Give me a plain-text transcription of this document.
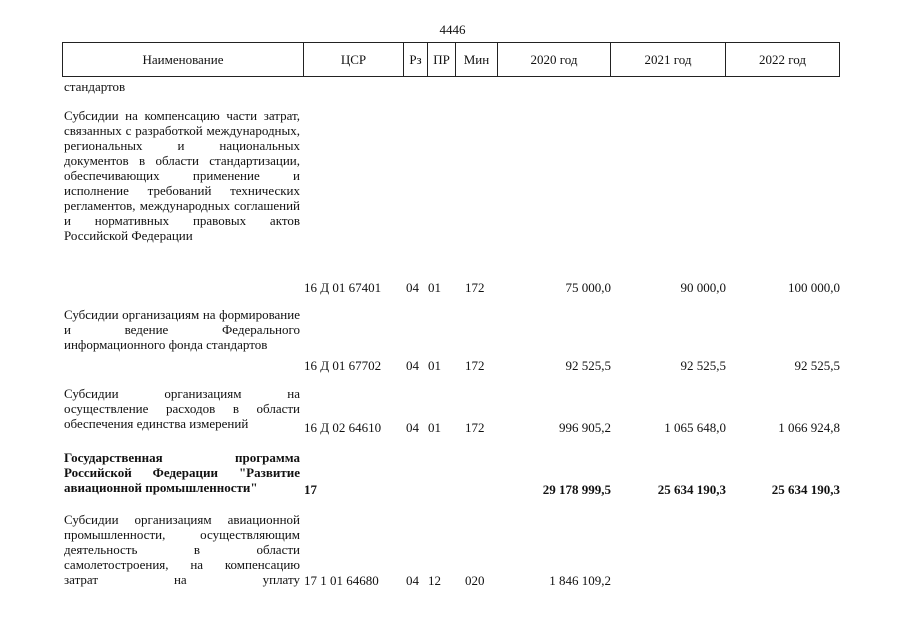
4446
Наименование	ЦСР	Рз ПР	Мин	2020 год	2021 год	2022 год
стандартов
Субсидии на компенсацию части затрат, связанных с разработкой международных, региональных и национальных документов в области стандартизации, обеспечивающих применение и исполнение требований технических регламентов, международных соглашений и нормативных правовых актов Российской Федерации
16 Д 01 67401 04 01 172	75 000,0	90 000,0	100 000,0
Субсидии организациям на формирование и ведение Федерального информационного фонда стандартов
16 Д 01 67702 04 01 172	92 525,5	92 525,5	92 525,5
Субсидии организациям на осуществление расходов в области обеспечения единства измерений	16 Д 02 64610 04 01 172	996 905,2	1 065 648,0	1 066 924,8
Государственная программа Российской Федерации "Развитие авиационной промышленности"	17	29 178 999,5	25 634 190,3	25 634 190,3
Субсидии организациям авиационной промышленности, осуществляющим деятельность в области самолетостроения, на компенсацию затрат на уплату 17 1 01 64680 04 12 020	1 846 109,2
